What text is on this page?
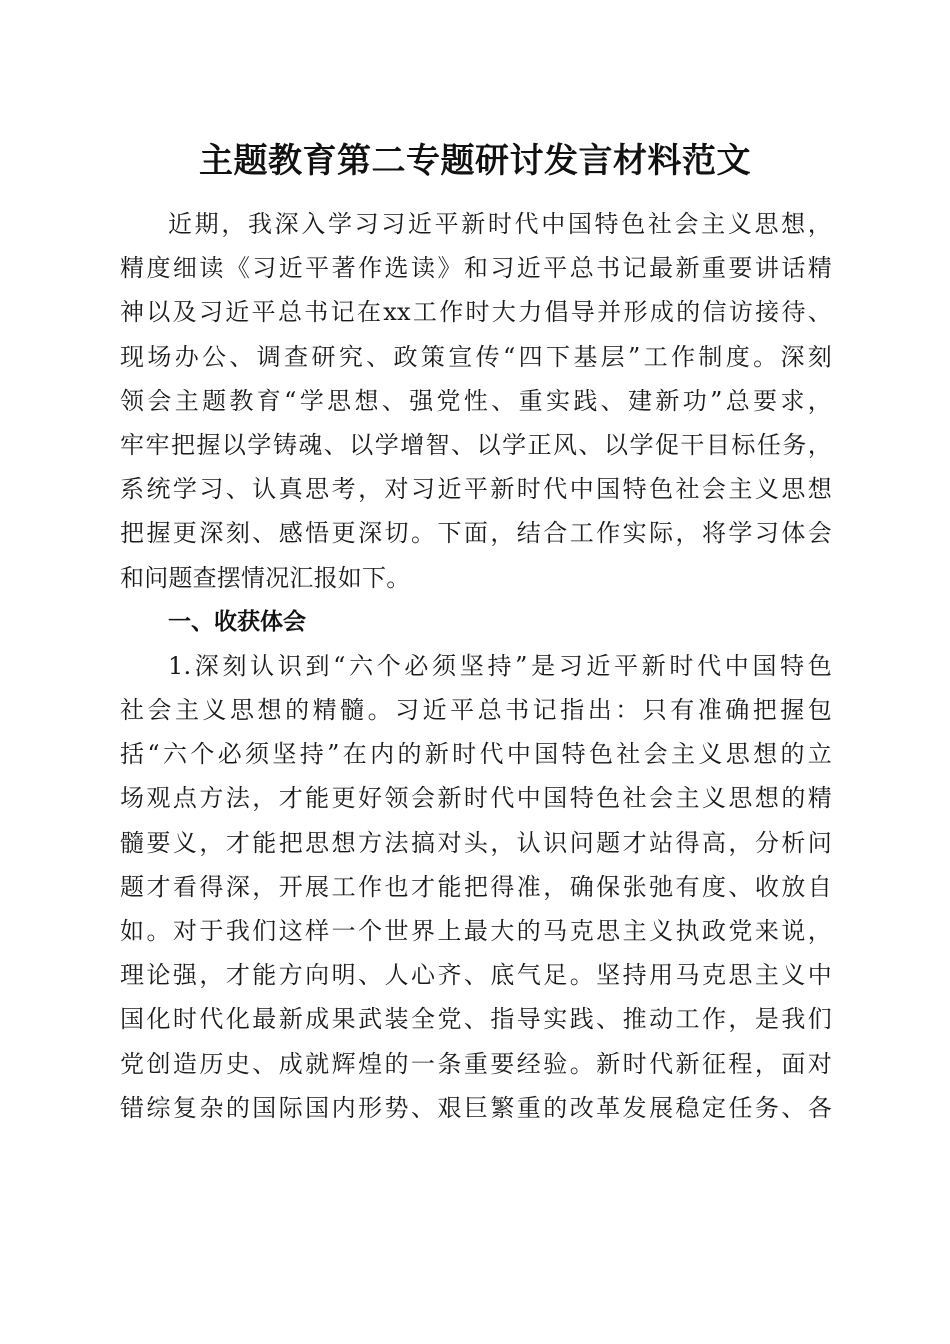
主题教育第二专题研讨发言材料范文
近期，我深入学习习近平新时代中国特色社会主义思想，
精度细读《习近平著作选读》和习近平总书记最新重要讲话精
神以及习近平总书记在xx工作时大力倡导并形成的信访接待、
现场办公、调查研究、政策宣传“四下基层”工作制度。深刻
领会主题教育“学思想、强党性、重实践、建新功”总要求，
牢牢把握以学铸魂、以学增智、以学正风、以学促干目标任务，
系统学习、认真思考，对习近平新时代中国特色社会主义思想
把握更深刻、感悟更深切。下面，结合工作实际，将学习体会
和问题查摆情况汇报如下。
一、收获体会
1.深刻认识到“六个必须坚持”是习近平新时代中国特色
社会主义思想的精髓。习近平总书记指出：只有准确把握包
括“六个必须坚持”在内的新时代中国特色社会主义思想的立
场观点方法，才能更好领会新时代中国特色社会主义思想的精
髓要义，才能把思想方法搞对头，认识问题才站得高，分析问
题才看得深，开展工作也才能把得准，确保张弛有度、收放自
如。对于我们这样一个世界上最大的马克思主义执政党来说，
理论强，才能方向明、人心齐、底气足。坚持用马克思主义中
国化时代化最新成果武装全党、指导实践、推动工作，是我们
党创造历史、成就辉煌的一条重要经验。新时代新征程，面对
错综复杂的国际国内形势、艰巨繁重的改革发展稳定任务、各
